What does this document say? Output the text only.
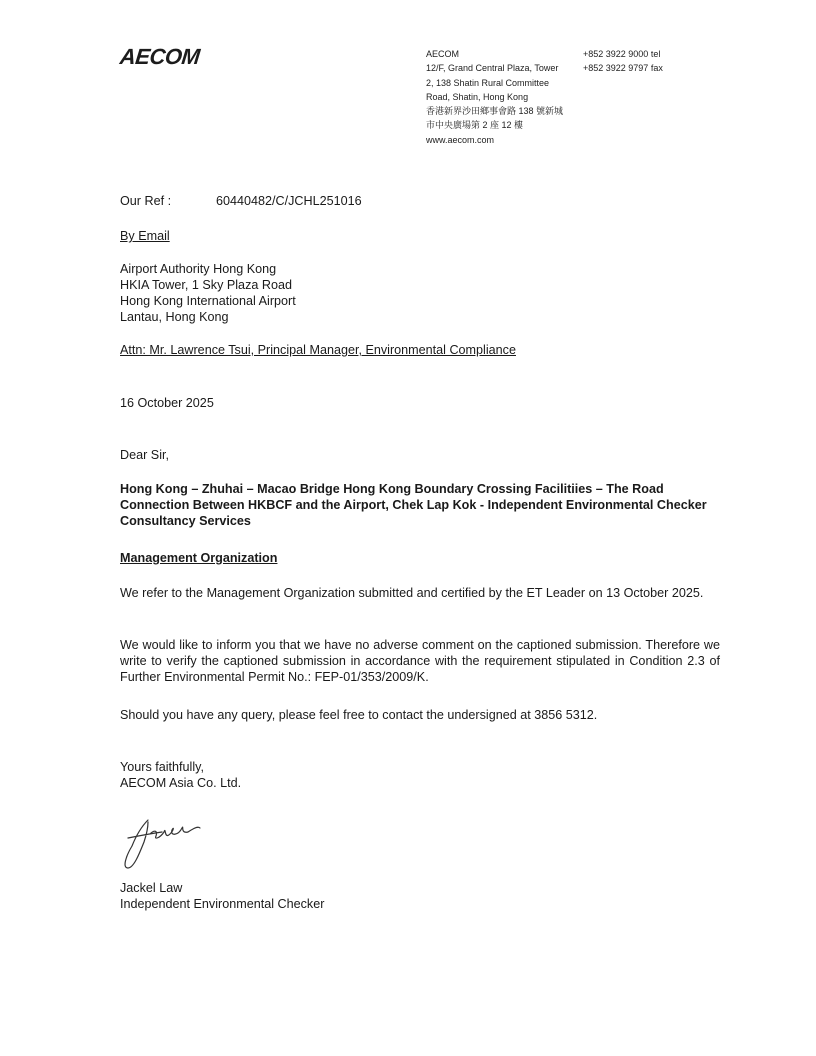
AECOM	AECOM
12/F, Grand Central Plaza, Tower
2, 138 Shatin Rural Committee
Road, Shatin, Hong Kong
香港新界沙田鄉事會路 138 號新城
市中央廣場第 2 座 12 樓
www.aecom.com
+852 3922 9000 tel
+852 3922 9797 fax
Our Ref :	60440482/C/JCHL251016
By Email
Airport Authority Hong Kong
HKIA Tower, 1 Sky Plaza Road
Hong Kong International Airport
Lantau, Hong Kong
Attn: Mr. Lawrence Tsui, Principal Manager, Environmental Compliance
16 October 2025
Dear Sir,
Hong Kong – Zhuhai – Macao Bridge Hong Kong Boundary Crossing Facilitiies – The Road Connection Between HKBCF and the Airport, Chek Lap Kok - Independent Environmental Checker Consultancy Services
Management Organization
We refer to the Management Organization submitted and certified by the ET Leader on 13 October 2025.
We would like to inform you that we have no adverse comment on the captioned submission. Therefore we write to verify the captioned submission in accordance with the requirement stipulated in Condition 2.3 of Further Environmental Permit No.: FEP-01/353/2009/K.
Should you have any query, please feel free to contact the undersigned at 3856 5312.
Yours faithfully,
AECOM Asia Co. Ltd.
Jackel Law
Independent Environmental Checker
